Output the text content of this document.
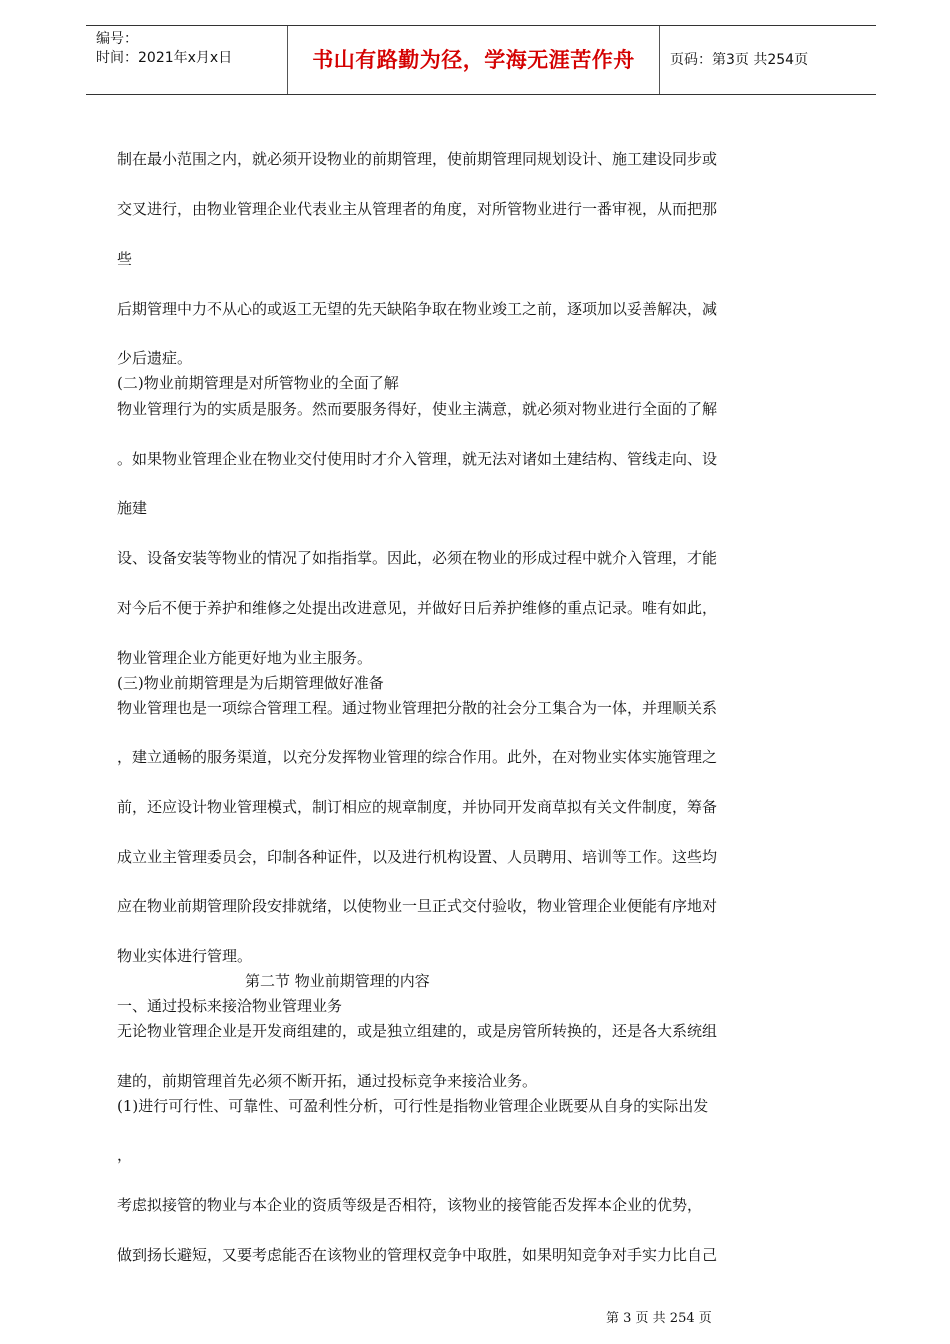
编号：
时间：2021年x月x日	书山有路勤为径，学海无涯苦作舟	页码：第3页 共254页
制在最小范围之内，就必须开设物业的前期管理，使前期管理同规划设计、施工建设同步或
交叉进行，由物业管理企业代表业主从管理者的角度，对所管物业进行一番审视，从而把那
些
后期管理中力不从心的或返工无望的先天缺陷争取在物业竣工之前，逐项加以妥善解决，减
少后遗症。
(二)物业前期管理是对所管物业的全面了解
物业管理行为的实质是服务。然而要服务得好，使业主满意，就必须对物业进行全面的了解
。如果物业管理企业在物业交付使用时才介入管理，就无法对诸如土建结构、管线走向、设
施建
设、设备安装等物业的情况了如指指掌。因此，必须在物业的形成过程中就介入管理，才能
对今后不便于养护和维修之处提出改进意见，并做好日后养护维修的重点记录。唯有如此，
物业管理企业方能更好地为业主服务。
(三)物业前期管理是为后期管理做好准备
物业管理也是一项综合管理工程。通过物业管理把分散的社会分工集合为一体，并理顺关系
，建立通畅的服务渠道，以充分发挥物业管理的综合作用。此外，在对物业实体实施管理之
前，还应设计物业管理模式，制订相应的规章制度，并协同开发商草拟有关文件制度，筹备
成立业主管理委员会，印制各种证件，以及进行机构设置、人员聘用、培训等工作。这些均
应在物业前期管理阶段安排就绪，以使物业一旦正式交付验收，物业管理企业便能有序地对
物业实体进行管理。
第二节 物业前期管理的内容
一、通过投标来接洽物业管理业务
无论物业管理企业是开发商组建的，或是独立组建的，或是房管所转换的，还是各大系统组
建的，前期管理首先必须不断开拓，通过投标竞争来接洽业务。
(1)进行可行性、可靠性、可盈利性分析，可行性是指物业管理企业既要从自身的实际出发
，
考虑拟接管的物业与本企业的资质等级是否相符，该物业的接管能否发挥本企业的优势，
做到扬长避短，又要考虑能否在该物业的管理权竞争中取胜，如果明知竞争对手实力比自己
第 3 页 共 254 页
